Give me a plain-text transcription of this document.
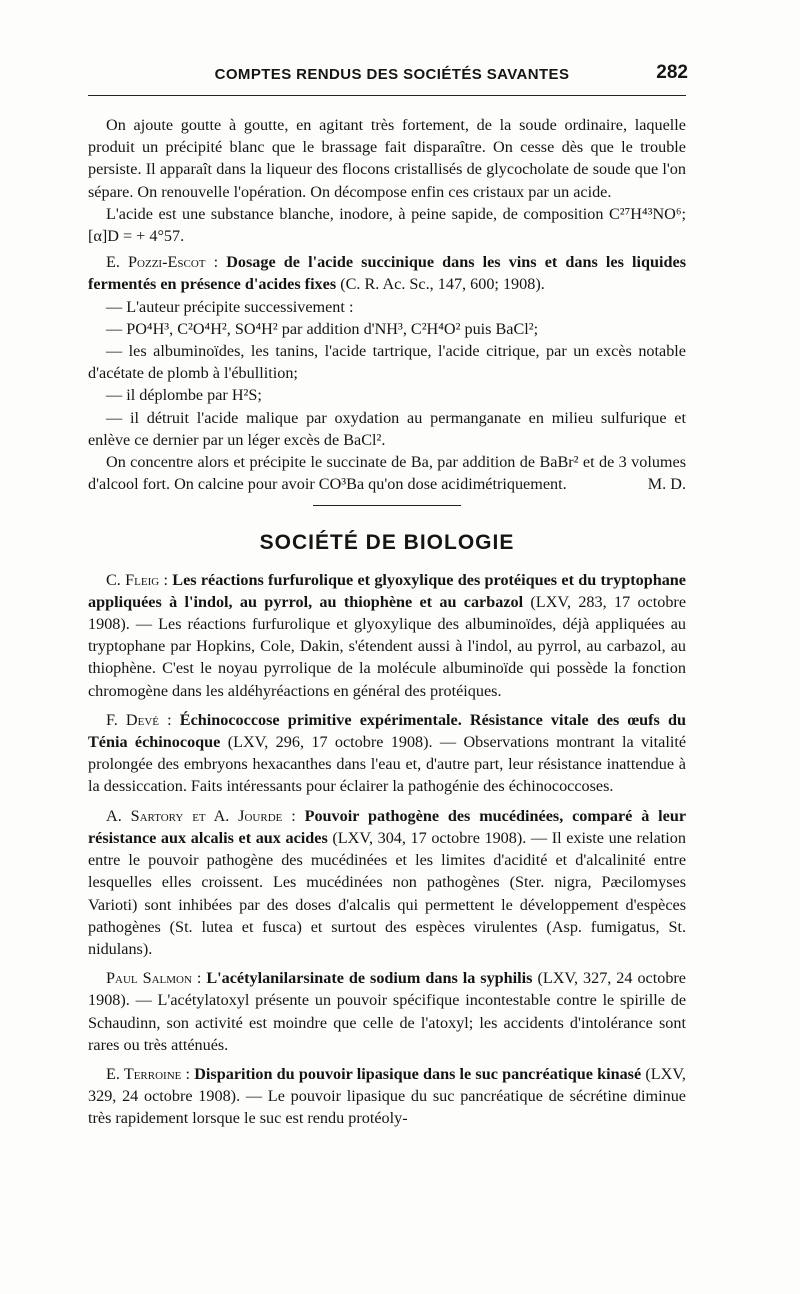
COMPTES RENDUS DES SOCIÉTÉS SAVANTES	282

On ajoute goutte à goutte, en agitant très fortement, de la soude ordinaire, laquelle produit un précipité blanc que le brassage fait disparaître. On cesse dès que le trouble persiste. Il apparaît dans la liqueur des flocons cristallisés de glycocholate de soude que l'on sépare. On renouvelle l'opération. On décompose enfin ces cristaux par un acide.

L'acide est une substance blanche, inodore, à peine sapide, de composition C²⁷H⁴³NO⁶; [α]D = + 4°57.

E. Pozzi-Escot : Dosage de l'acide succinique dans les vins et dans les liquides fermentés en présence d'acides fixes (C. R. Ac. Sc., 147, 600; 1908).

— L'auteur précipite successivement :

— PO⁴H³, C²O⁴H², SO⁴H² par addition d'NH³, C²H⁴O² puis BaCl²;

— les albuminoïdes, les tanins, l'acide tartrique, l'acide citrique, par un excès notable d'acétate de plomb à l'ébullition;

— il déplombe par H²S;

— il détruit l'acide malique par oxydation au permanganate en milieu sulfurique et enlève ce dernier par un léger excès de BaCl².

On concentre alors et précipite le succinate de Ba, par addition de BaBr² et de 3 volumes d'alcool fort. On calcine pour avoir CO³Ba qu'on dose acidimétriquement.	M. D.

SOCIÉTÉ DE BIOLOGIE

C. Fleig : Les réactions furfurolique et glyoxylique des protéiques et du tryptophane appliquées à l'indol, au pyrrol, au thiophène et au carbazol (LXV, 283, 17 octobre 1908). — Les réactions furfurolique et glyoxylique des albuminoïdes, déjà appliquées au tryptophane par Hopkins, Cole, Dakin, s'étendent aussi à l'indol, au pyrrol, au carbazol, au thiophène. C'est le noyau pyrrolique de la molécule albuminoïde qui possède la fonction chromogène dans les aldéhyréactions en général des protéiques.

F. Devé : Échinococcose primitive expérimentale. Résistance vitale des œufs du Ténia échinocoque (LXV, 296, 17 octobre 1908). — Observations montrant la vitalité prolongée des embryons hexacanthes dans l'eau et, d'autre part, leur résistance inattendue à la dessiccation. Faits intéressants pour éclairer la pathogénie des échinococcoses.

A. Sartory et A. Jourde : Pouvoir pathogène des mucédinées, comparé à leur résistance aux alcalis et aux acides (LXV, 304, 17 octobre 1908). — Il existe une relation entre le pouvoir pathogène des mucédinées et les limites d'acidité et d'alcalinité entre lesquelles elles croissent. Les mucédinées non pathogènes (Ster. nigra, Pæcilomyses Varioti) sont inhibées par des doses d'alcalis qui permettent le développement d'espèces pathogènes (St. lutea et fusca) et surtout des espèces virulentes (Asp. fumigatus, St. nidulans).

Paul Salmon : L'acétylanilarsinate de sodium dans la syphilis (LXV, 327, 24 octobre 1908). — L'acétylatoxyl présente un pouvoir spécifique incontestable contre le spirille de Schaudinn, son activité est moindre que celle de l'atoxyl; les accidents d'intolérance sont rares ou très atténués.

E. Terroine : Disparition du pouvoir lipasique dans le suc pancréatique kinasé (LXV, 329, 24 octobre 1908). — Le pouvoir lipasique du suc pancréatique de sécrétine diminue très rapidement lorsque le suc est rendu protéoly-
